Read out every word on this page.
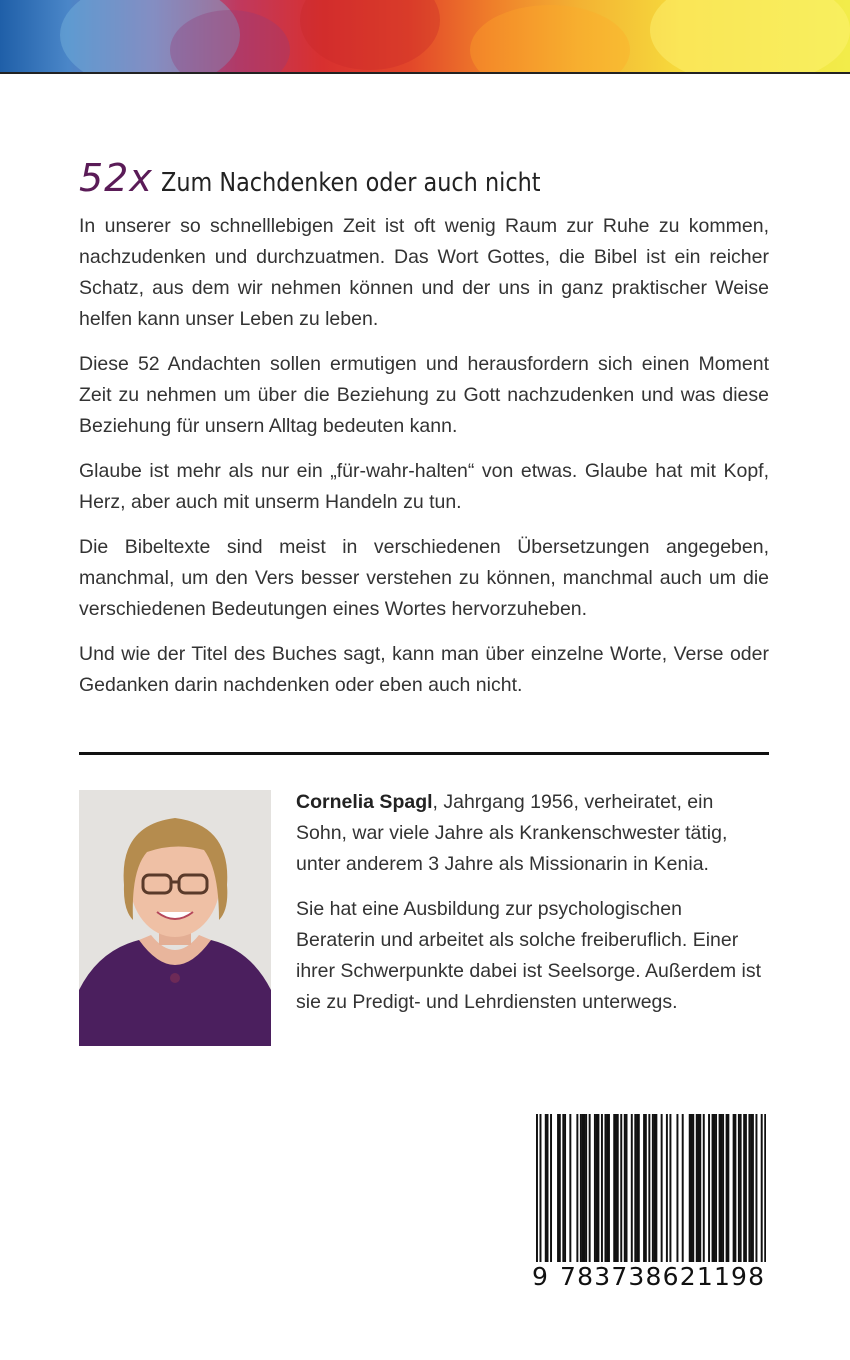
52x Zum Nachdenken oder auch nicht

In unserer so schnelllebigen Zeit ist oft wenig Raum zur Ruhe zu kommen, nachzudenken und durchzuatmen. Das Wort Gottes, die Bibel ist ein reicher Schatz, aus dem wir nehmen können und der uns in ganz praktischer Weise helfen kann unser Leben zu leben.

Diese 52 Andachten sollen ermutigen und herausfordern sich einen Moment Zeit zu nehmen um über die Beziehung zu Gott nachzudenken und was diese Beziehung für unsern Alltag bedeuten kann.

Glaube ist mehr als nur ein „für-wahr-halten“ von etwas. Glaube hat mit Kopf, Herz, aber auch mit unserm Handeln zu tun.

Die Bibeltexte sind meist in verschiedenen Übersetzungen angegeben, manchmal, um den Vers besser verstehen zu können, manchmal auch um die verschiedenen Bedeutungen eines Wortes hervorzuheben.

Und wie der Titel des Buches sagt, kann man über einzelne Worte, Verse oder Gedanken darin nachdenken oder eben auch nicht.

Cornelia Spagl, Jahrgang 1956, verheiratet, ein Sohn, war viele Jahre als Krankenschwester tätig, unter anderem 3 Jahre als Missionarin in Kenia.

Sie hat eine Ausbildung zur psychologischen Beraterin und arbeitet als solche freiberuflich. Einer ihrer Schwerpunkte dabei ist Seelsorge. Außerdem ist sie zu Predigt- und Lehrdiensten unterwegs.

9 783738621198
